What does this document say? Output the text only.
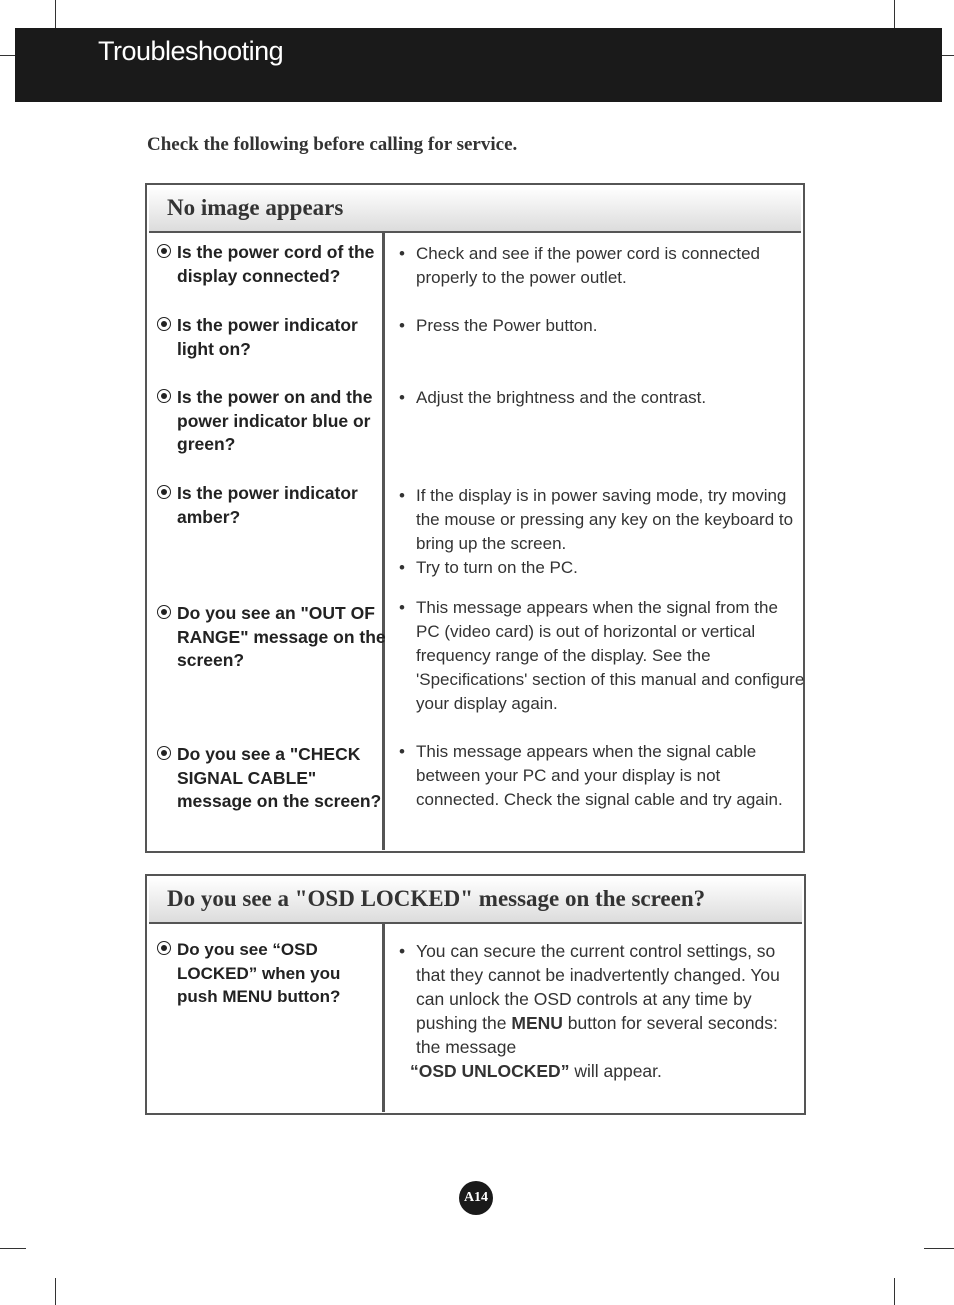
Troubleshooting
Check the following before calling for service.
No image appears
Is the power cord of the display connected?
• Check and see if the power cord is connected properly to the power outlet.
Is the power indicator light on?
• Press the Power button.
Is the power on and the power indicator blue or green?
• Adjust the brightness and the contrast.
Is the power indicator amber?
• If the display is in power saving mode, try moving the mouse or pressing any key on the keyboard to bring up the screen.
• Try to turn on the PC.
Do you see an "OUT OF RANGE" message on the screen?
• This message appears when the signal from the PC (video card) is out of horizontal or vertical frequency range of the display. See the 'Specifications' section of this manual and configure your display again.
Do you see a "CHECK SIGNAL CABLE" message on the screen?
• This message appears when the signal cable between your PC and your display is not connected. Check the signal cable and try again.
Do you see a "OSD LOCKED" message on the screen?
Do you see “OSD LOCKED” when you push MENU button?
• You can secure the current control settings, so that they cannot be inadvertently changed. You can unlock the OSD controls at any time by pushing the MENU button for several seconds: the message
“OSD UNLOCKED” will appear.
A14
